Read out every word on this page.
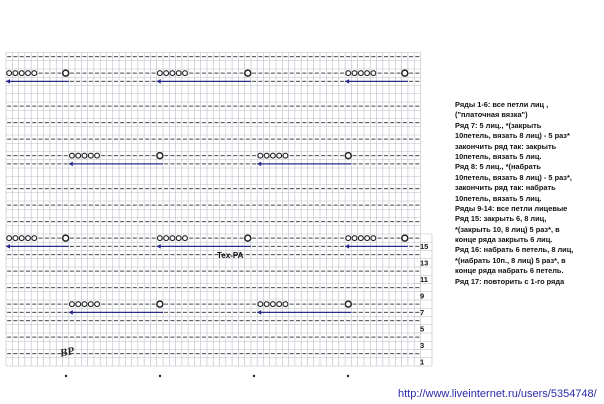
1
3
5
7
9
11
13
15
Tex-PA
BP
Ряды 1-6: все петли лиц ,
("платочная вязка")
Ряд 7: 5 лиц., *(закрыть
10петель, вязать 8 лиц) - 5 раз*
закончить ряд так: закрыть
10петель, вязать 5 лиц.
Ряд 8: 5 лиц., *(набрать
10петель, вязать 8 лиц) - 5 раз*,
закончить ряд так: набрать
10петель, вязать 5 лиц.
Ряды 9-14: все петли лицевые
Ряд 15: закрыть 6, 8 лиц,
*(закрыть 10, 8 лиц) 5 раз*, в
конце ряда закрыть 6 лиц.
Ряд 16: набрать 6 петель, 8 лиц,
*(набрать 10п., 8 лиц) 5 раз*, в
конце ряда набрать 6 петель.
Ряд 17: повторить с 1-го ряда
http://www.liveinternet.ru/users/5354748/
